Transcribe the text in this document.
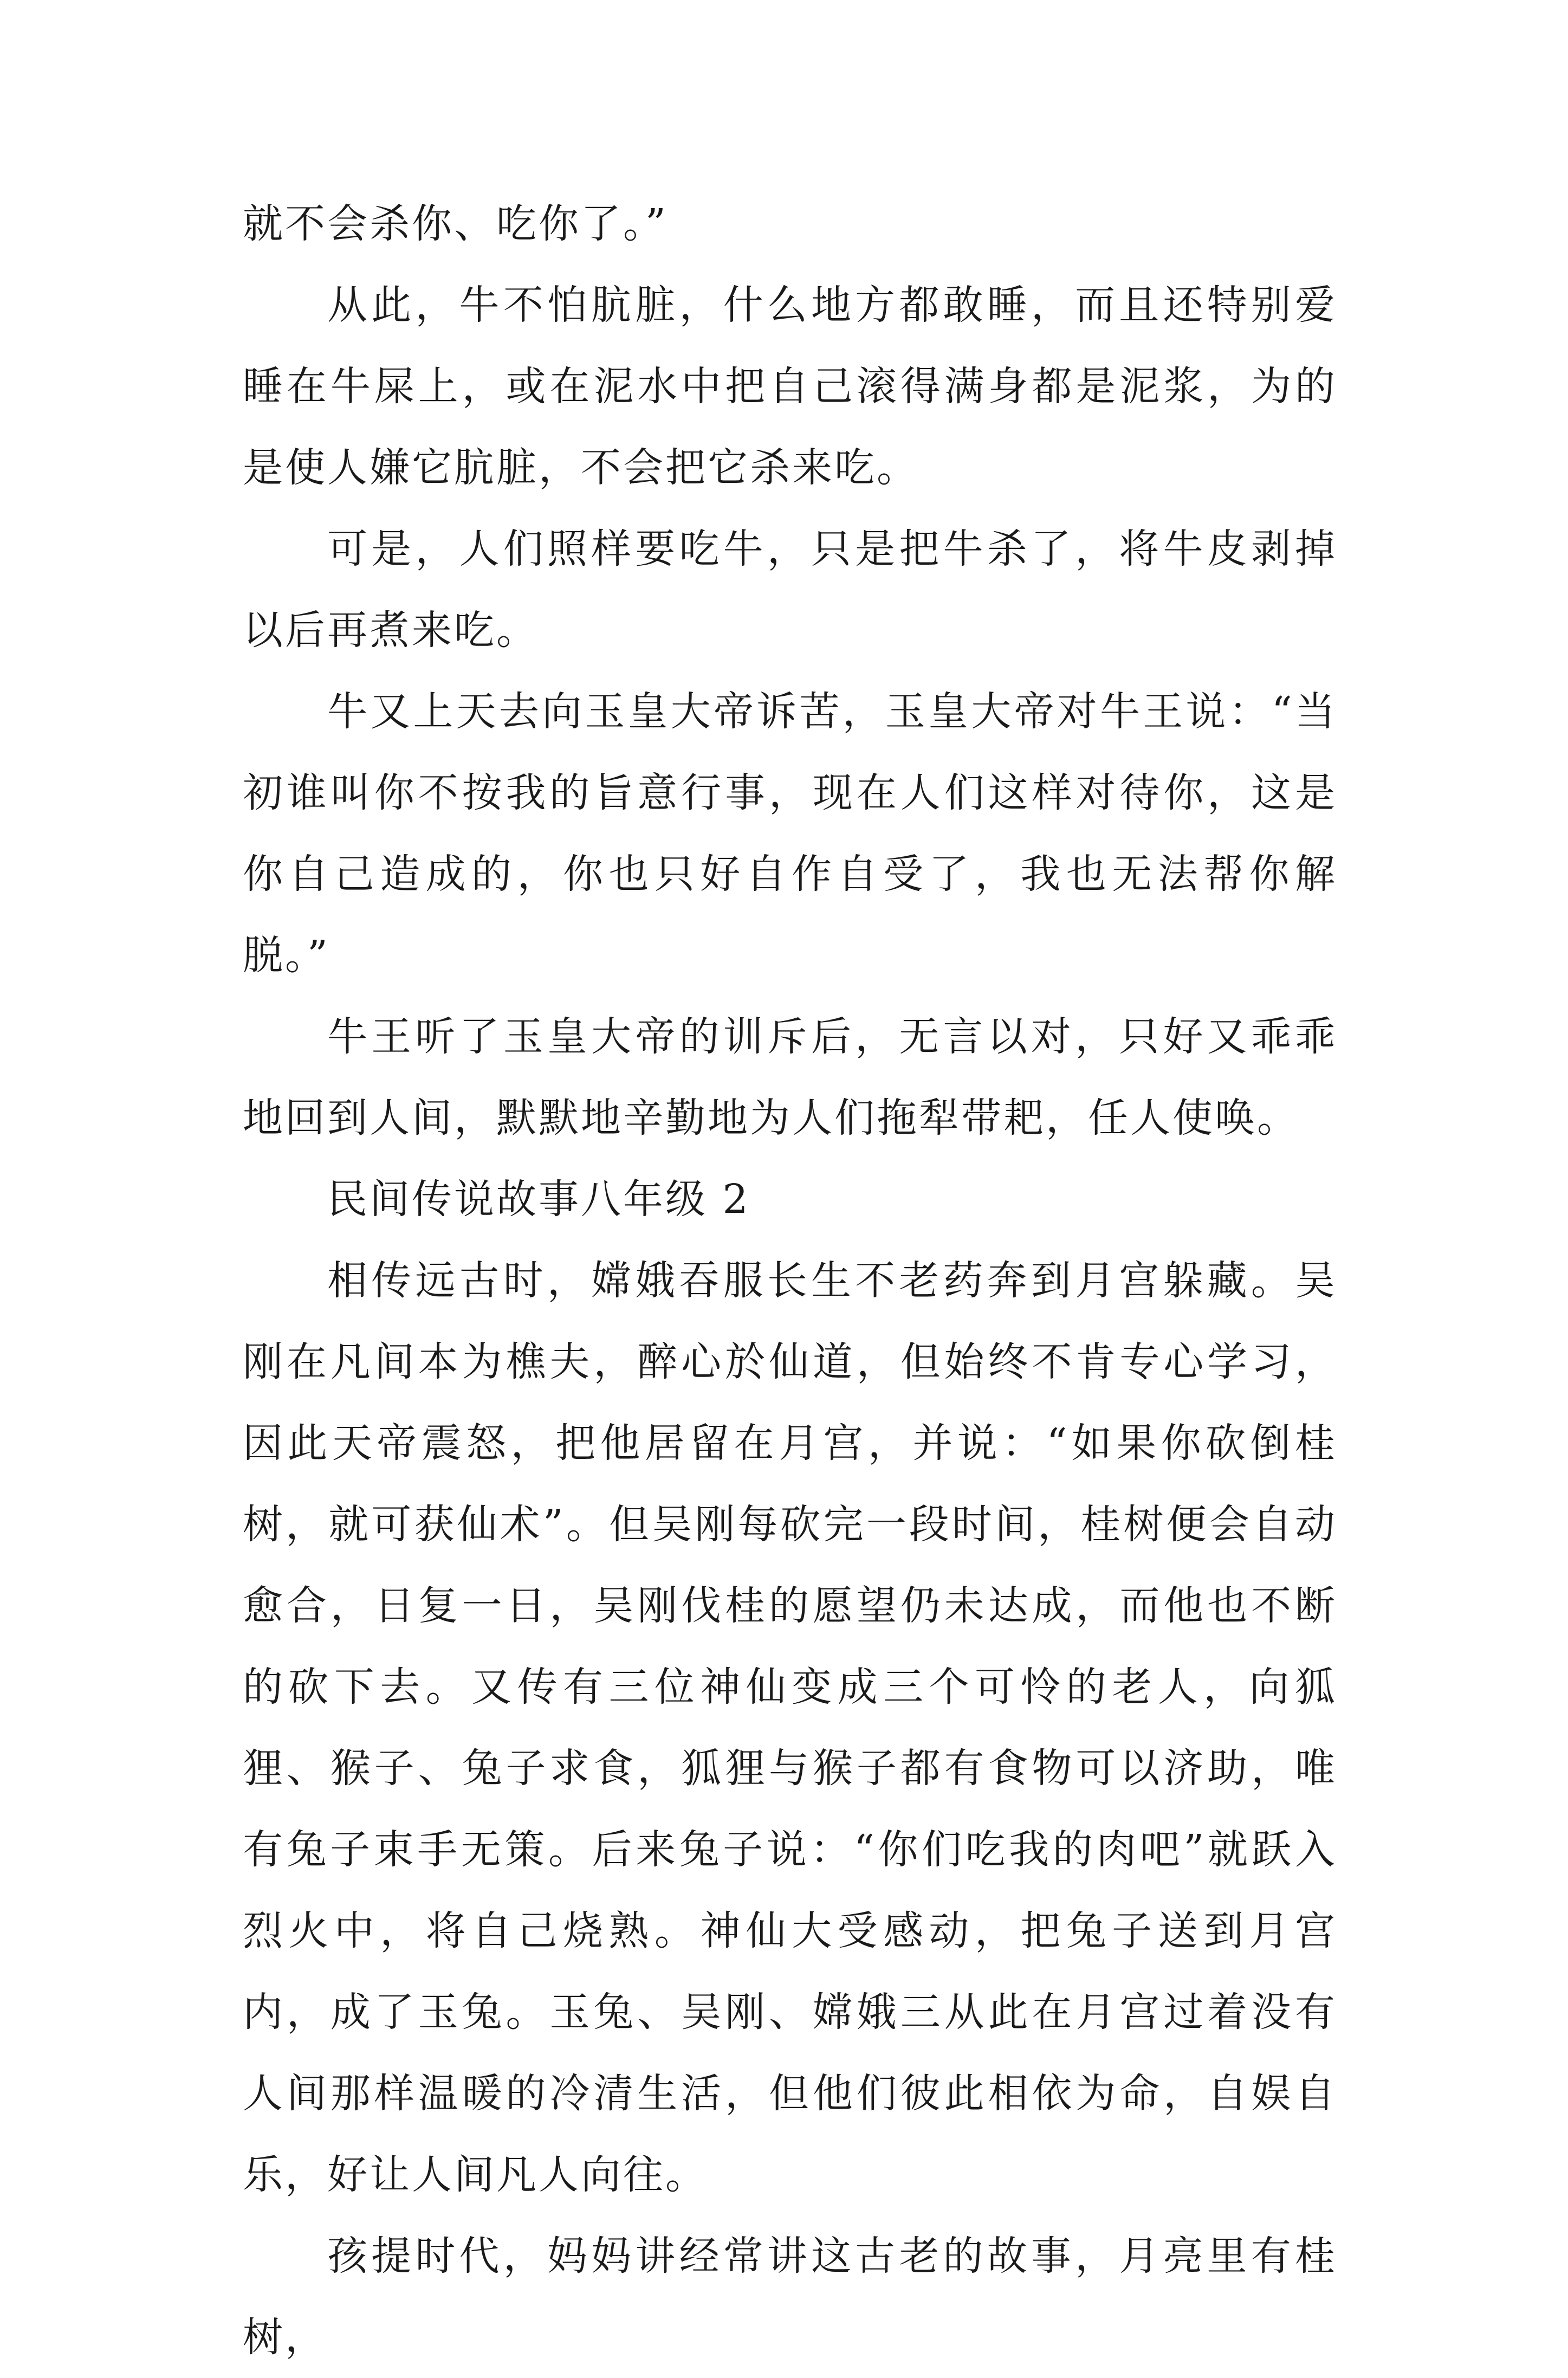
就不会杀你、吃你了。”

从此，牛不怕肮脏，什么地方都敢睡，而且还特别爱睡在牛屎上，或在泥水中把自己滚得满身都是泥浆，为的是使人嫌它肮脏，不会把它杀来吃。

可是，人们照样要吃牛，只是把牛杀了，将牛皮剥掉以后再煮来吃。

牛又上天去向玉皇大帝诉苦，玉皇大帝对牛王说：“当初谁叫你不按我的旨意行事，现在人们这样对待你，这是你自己造成的，你也只好自作自受了，我也无法帮你解脱。”

牛王听了玉皇大帝的训斥后，无言以对，只好又乖乖地回到人间，默默地辛勤地为人们拖犁带耙，任人使唤。

民间传说故事八年级 2

相传远古时，嫦娥吞服长生不老药奔到月宫躲藏。吴刚在凡间本为樵夫，醉心於仙道，但始终不肯专心学习，因此天帝震怒，把他居留在月宫，并说：“如果你砍倒桂树，就可获仙术”。但吴刚每砍完一段时间，桂树便会自动愈合，日复一日，吴刚伐桂的愿望仍未达成，而他也不断的砍下去。又传有三位神仙变成三个可怜的老人，向狐狸、猴子、兔子求食，狐狸与猴子都有食物可以济助，唯有兔子束手无策。后来兔子说：“你们吃我的肉吧”就跃入烈火中，将自己烧熟。神仙大受感动，把兔子送到月宫内，成了玉兔。玉兔、吴刚、嫦娥三从此在月宫过着没有人间那样温暖的冷清生活，但他们彼此相依为命，自娱自乐，好让人间凡人向往。

孩提时代，妈妈讲经常讲这古老的故事，月亮里有桂树，
